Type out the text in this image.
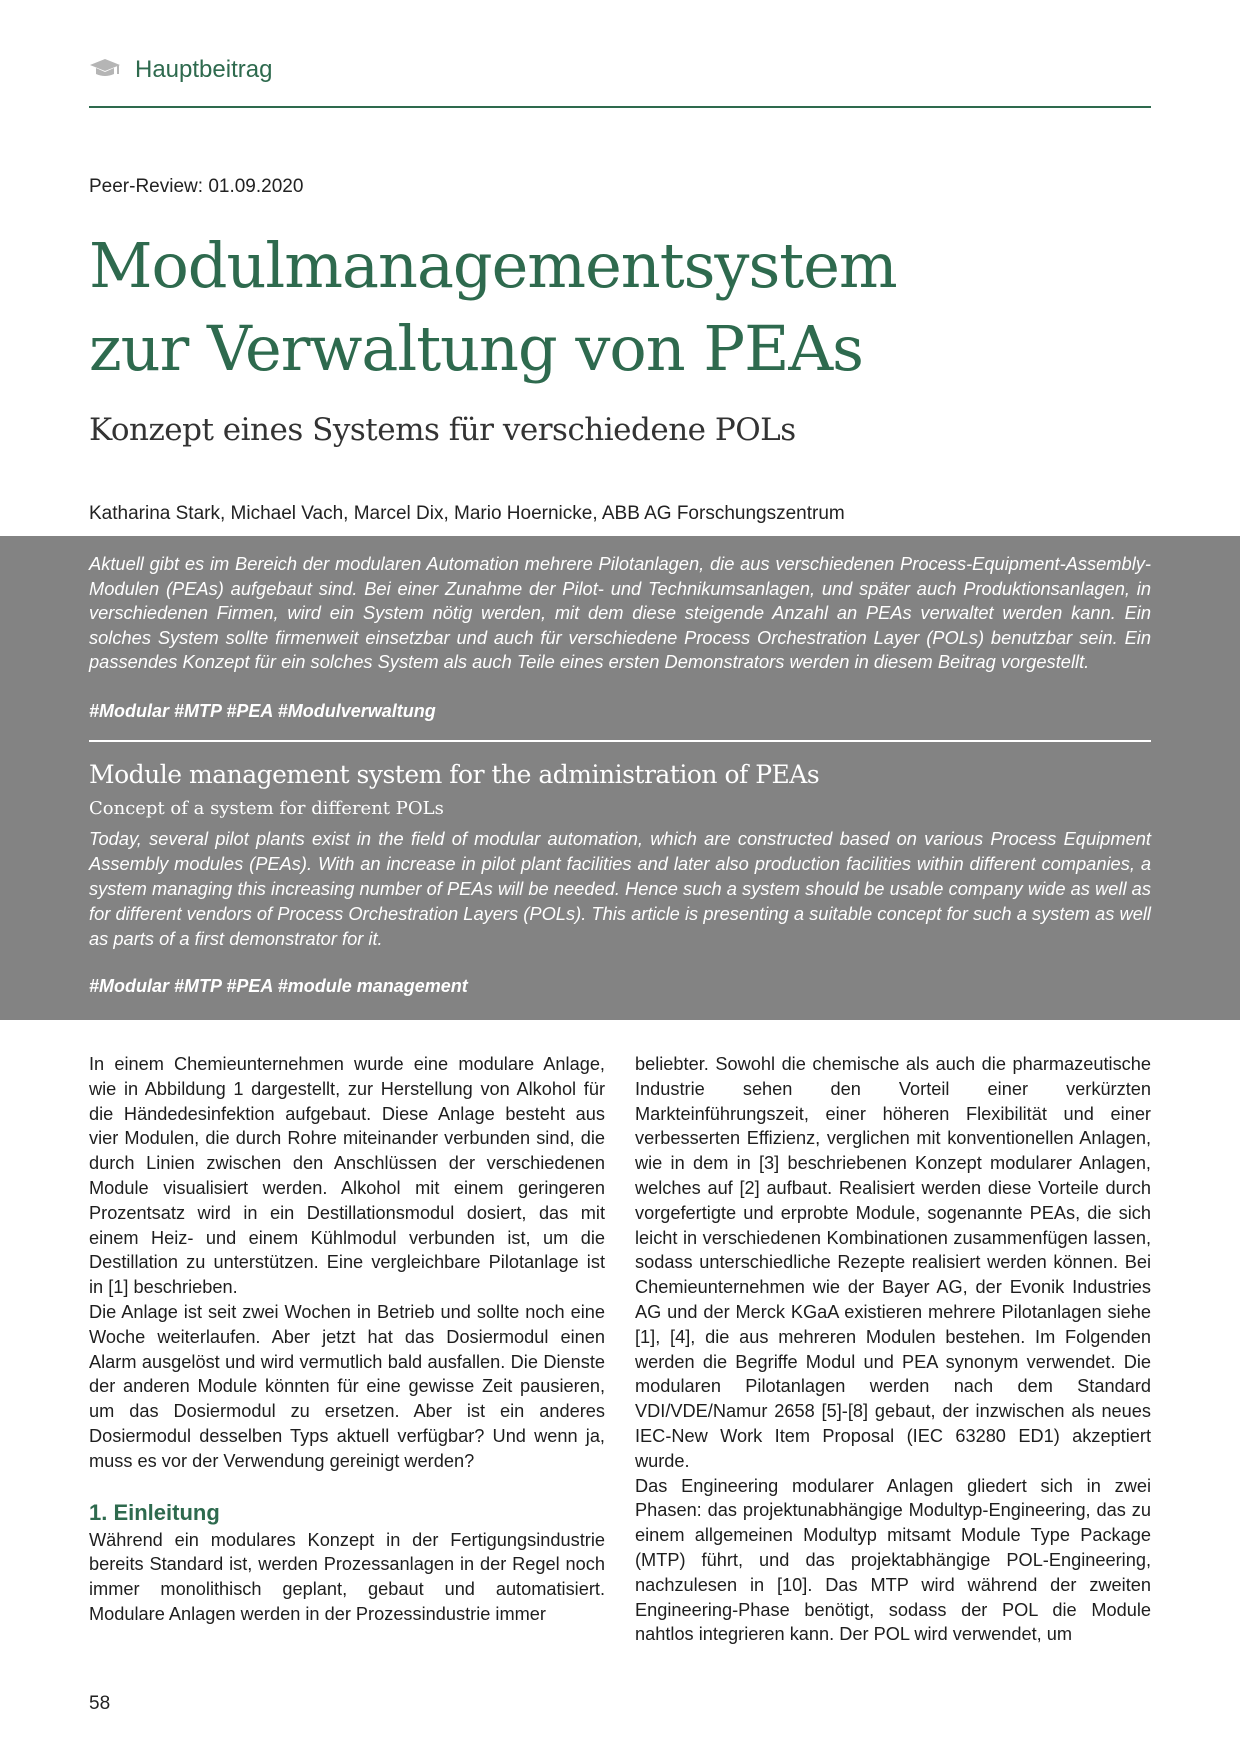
Hauptbeitrag
Peer-Review: 01.09.2020
Modulmanagementsystem
zur Verwaltung von PEAs
Konzept eines Systems für verschiedene POLs
Katharina Stark, Michael Vach, Marcel Dix, Mario Hoernicke, ABB AG Forschungszentrum

Aktuell gibt es im Bereich der modularen Automation mehrere Pilotanlagen, die aus verschiedenen Process-Equipment-Assembly-Modulen (PEAs) aufgebaut sind. Bei einer Zunahme der Pilot- und Technikumsanlagen, und später auch Produktionsanlagen, in verschiedenen Firmen, wird ein System nötig werden, mit dem diese steigende Anzahl an PEAs verwaltet werden kann. Ein solches System sollte firmenweit einsetzbar und auch für verschiedene Process Orchestration Layer (POLs) benutzbar sein. Ein passendes Konzept für ein solches System als auch Teile eines ersten Demonstrators werden in diesem Beitrag vorgestellt.

#Modular #MTP #PEA #Modulverwaltung
Module management system for the administration of PEAs
Concept of a system for different POLs

Today, several pilot plants exist in the field of modular automation, which are constructed based on various Process Equipment Assembly modules (PEAs). With an increase in pilot plant facilities and later also production facilities within different companies, a system managing this increasing number of PEAs will be needed. Hence such a system should be usable company wide as well as for different vendors of Process Orchestration Layers (POLs). This article is presenting a suitable concept for such a system as well as parts of a first demonstrator for it.

#Modular #MTP #PEA #module management

In einem Chemieunternehmen wurde eine modulare Anlage, wie in Abbildung 1 dargestellt, zur Herstellung von Alkohol für die Händedesinfektion aufgebaut. Diese Anlage besteht aus vier Modulen, die durch Rohre miteinander verbunden sind, die durch Linien zwischen den Anschlüssen der verschiedenen Module visualisiert werden. Alkohol mit einem geringeren Prozentsatz wird in ein Destillationsmodul dosiert, das mit einem Heiz- und einem Kühlmodul verbunden ist, um die Destillation zu unterstützen. Eine vergleichbare Pilotanlage ist in [1] beschrieben.

Die Anlage ist seit zwei Wochen in Betrieb und sollte noch eine Woche weiterlaufen. Aber jetzt hat das Dosiermodul einen Alarm ausgelöst und wird vermutlich bald ausfallen. Die Dienste der anderen Module könnten für eine gewisse Zeit pausieren, um das Dosiermodul zu ersetzen. Aber ist ein anderes Dosiermodul desselben Typs aktuell verfügbar? Und wenn ja, muss es vor der Verwendung gereinigt werden?

1. Einleitung

Während ein modulares Konzept in der Fertigungsindustrie bereits Standard ist, werden Prozessanlagen in der Regel noch immer monolithisch geplant, gebaut und automatisiert. Modulare Anlagen werden in der Prozessindustrie immer

beliebter. Sowohl die chemische als auch die pharmazeutische Industrie sehen den Vorteil einer verkürzten Markteinführungszeit, einer höheren Flexibilität und einer verbesserten Effizienz, verglichen mit konventionellen Anlagen, wie in dem in [3] beschriebenen Konzept modularer Anlagen, welches auf [2] aufbaut. Realisiert werden diese Vorteile durch vorgefertigte und erprobte Module, sogenannte PEAs, die sich leicht in verschiedenen Kombinationen zusammenfügen lassen, sodass unterschiedliche Rezepte realisiert werden können. Bei Chemieunternehmen wie der Bayer AG, der Evonik Industries AG und der Merck KGaA existieren mehrere Pilotanlagen siehe [1], [4], die aus mehreren Modulen bestehen. Im Folgenden werden die Begriffe Modul und PEA synonym verwendet. Die modularen Pilotanlagen werden nach dem Standard VDI/VDE/Namur 2658 [5]-[8] gebaut, der inzwischen als neues IEC-New Work Item Proposal (IEC 63280 ED1) akzeptiert wurde.

Das Engineering modularer Anlagen gliedert sich in zwei Phasen: das projektunabhängige Modultyp-Engineering, das zu einem allgemeinen Modultyp mitsamt Module Type Package (MTP) führt, und das projektabhängige POL-Engineering, nachzulesen in [10]. Das MTP wird während der zweiten Engineering-Phase benötigt, sodass der POL die Module nahtlos integrieren kann. Der POL wird verwendet, um

58
